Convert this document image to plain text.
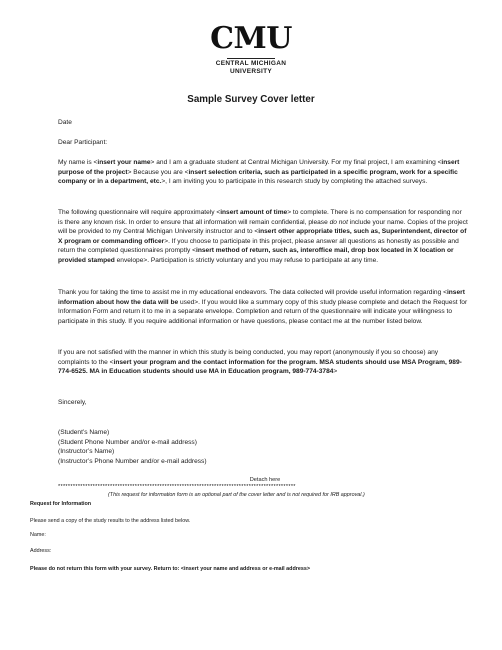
CMU
CENTRAL MICHIGAN
UNIVERSITY
Sample Survey Cover letter
Date
Dear Participant:

My name is <insert your name> and I am a graduate student at Central Michigan University. For my final project, I am examining <insert purpose of the project> Because you are <insert selection criteria, such as participated in a specific program, work for a specific company or in a department, etc.>, I am inviting you to participate in this research study by completing the attached surveys.

The following questionnaire will require approximately <insert amount of time> to complete. There is no compensation for responding nor is there any known risk. In order to ensure that all information will remain confidential, please do not include your name. Copies of the project will be provided to my Central Michigan University instructor and to <insert other appropriate titles, such as, Superintendent, director of X program or commanding officer>. If you choose to participate in this project, please answer all questions as honestly as possible and return the completed questionnaires promptly <insert method of return, such as, interoffice mail, drop box located in X location or provided stamped envelope>. Participation is strictly voluntary and you may refuse to participate at any time.

Thank you for taking the time to assist me in my educational endeavors. The data collected will provide useful information regarding <insert information about how the data will be used>. If you would like a summary copy of this study please complete and detach the Request for Information Form and return it to me in a separate envelope. Completion and return of the questionnaire will indicate your willingness to participate in this study. If you require additional information or have questions, please contact me at the number listed below.

If you are not satisfied with the manner in which this study is being conducted, you may report (anonymously if you so choose) any complaints to the <insert your program and the contact information for the program. MSA students should use MSA Program, 989-774-6525. MA in Education students should use MA in Education program, 989-774-3784>

Sincerely,
(Student’s Name)
(Student Phone Number and/or e-mail address)
(Instructor’s Name)
(Instructor’s Phone Number and/or e-mail address)
Detach here
************************************************************************************************
(This request for information form is an optional part of the cover letter and is not required for IRB approval.)
Request for Information
Please send a copy of the study results to the address listed below.
Name:
Address:
Please do not return this form with your survey. Return to: <insert your name and address or e-mail address>
